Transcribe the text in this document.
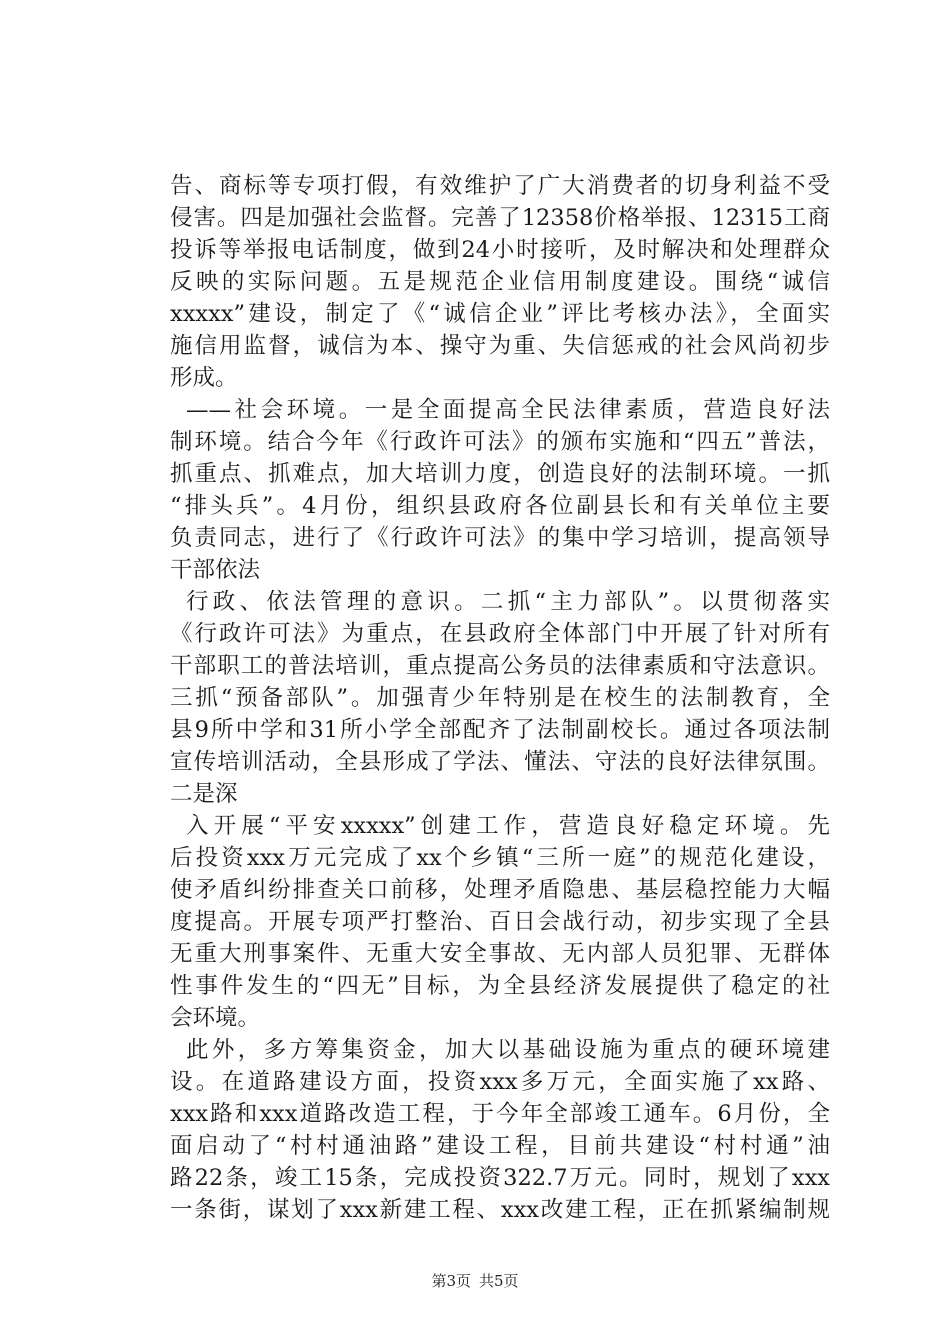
告、商标等专项打假，有效维护了广大消费者的切身利益不受
侵害。四是加强社会监督。完善了12358价格举报、12315工商
投诉等举报电话制度，做到24小时接听，及时解决和处理群众
反映的实际问题。五是规范企业信用制度建设。围绕“诚信
xxxxx”建设，制定了《“诚信企业”评比考核办法》，全面实
施信用监督，诚信为本、操守为重、失信惩戒的社会风尚初步
形成。
——社会环境。一是全面提高全民法律素质，营造良好法
制环境。结合今年《行政许可法》的颁布实施和“四五”普法，
抓重点、抓难点，加大培训力度，创造良好的法制环境。一抓
“排头兵”。4月份，组织县政府各位副县长和有关单位主要
负责同志，进行了《行政许可法》的集中学习培训，提高领导
干部依法
行政、依法管理的意识。二抓“主力部队”。以贯彻落实
《行政许可法》为重点，在县政府全体部门中开展了针对所有
干部职工的普法培训，重点提高公务员的法律素质和守法意识。
三抓“预备部队”。加强青少年特别是在校生的法制教育，全
县9所中学和31所小学全部配齐了法制副校长。通过各项法制
宣传培训活动，全县形成了学法、懂法、守法的良好法律氛围。
二是深
入开展“平安xxxxx”创建工作，营造良好稳定环境。先
后投资xxx万元完成了xx个乡镇“三所一庭”的规范化建设，
使矛盾纠纷排查关口前移，处理矛盾隐患、基层稳控能力大幅
度提高。开展专项严打整治、百日会战行动，初步实现了全县
无重大刑事案件、无重大安全事故、无内部人员犯罪、无群体
性事件发生的“四无”目标，为全县经济发展提供了稳定的社
会环境。
此外，多方筹集资金，加大以基础设施为重点的硬环境建
设。在道路建设方面，投资xxx多万元，全面实施了xx路、
xxx路和xxx道路改造工程，于今年全部竣工通车。6月份，全
面启动了“村村通油路”建设工程，目前共建设“村村通”油
路22条，竣工15条，完成投资322.7万元。同时，规划了xxx
一条街，谋划了xxx新建工程、xxx改建工程，正在抓紧编制规
第3页 共5页
